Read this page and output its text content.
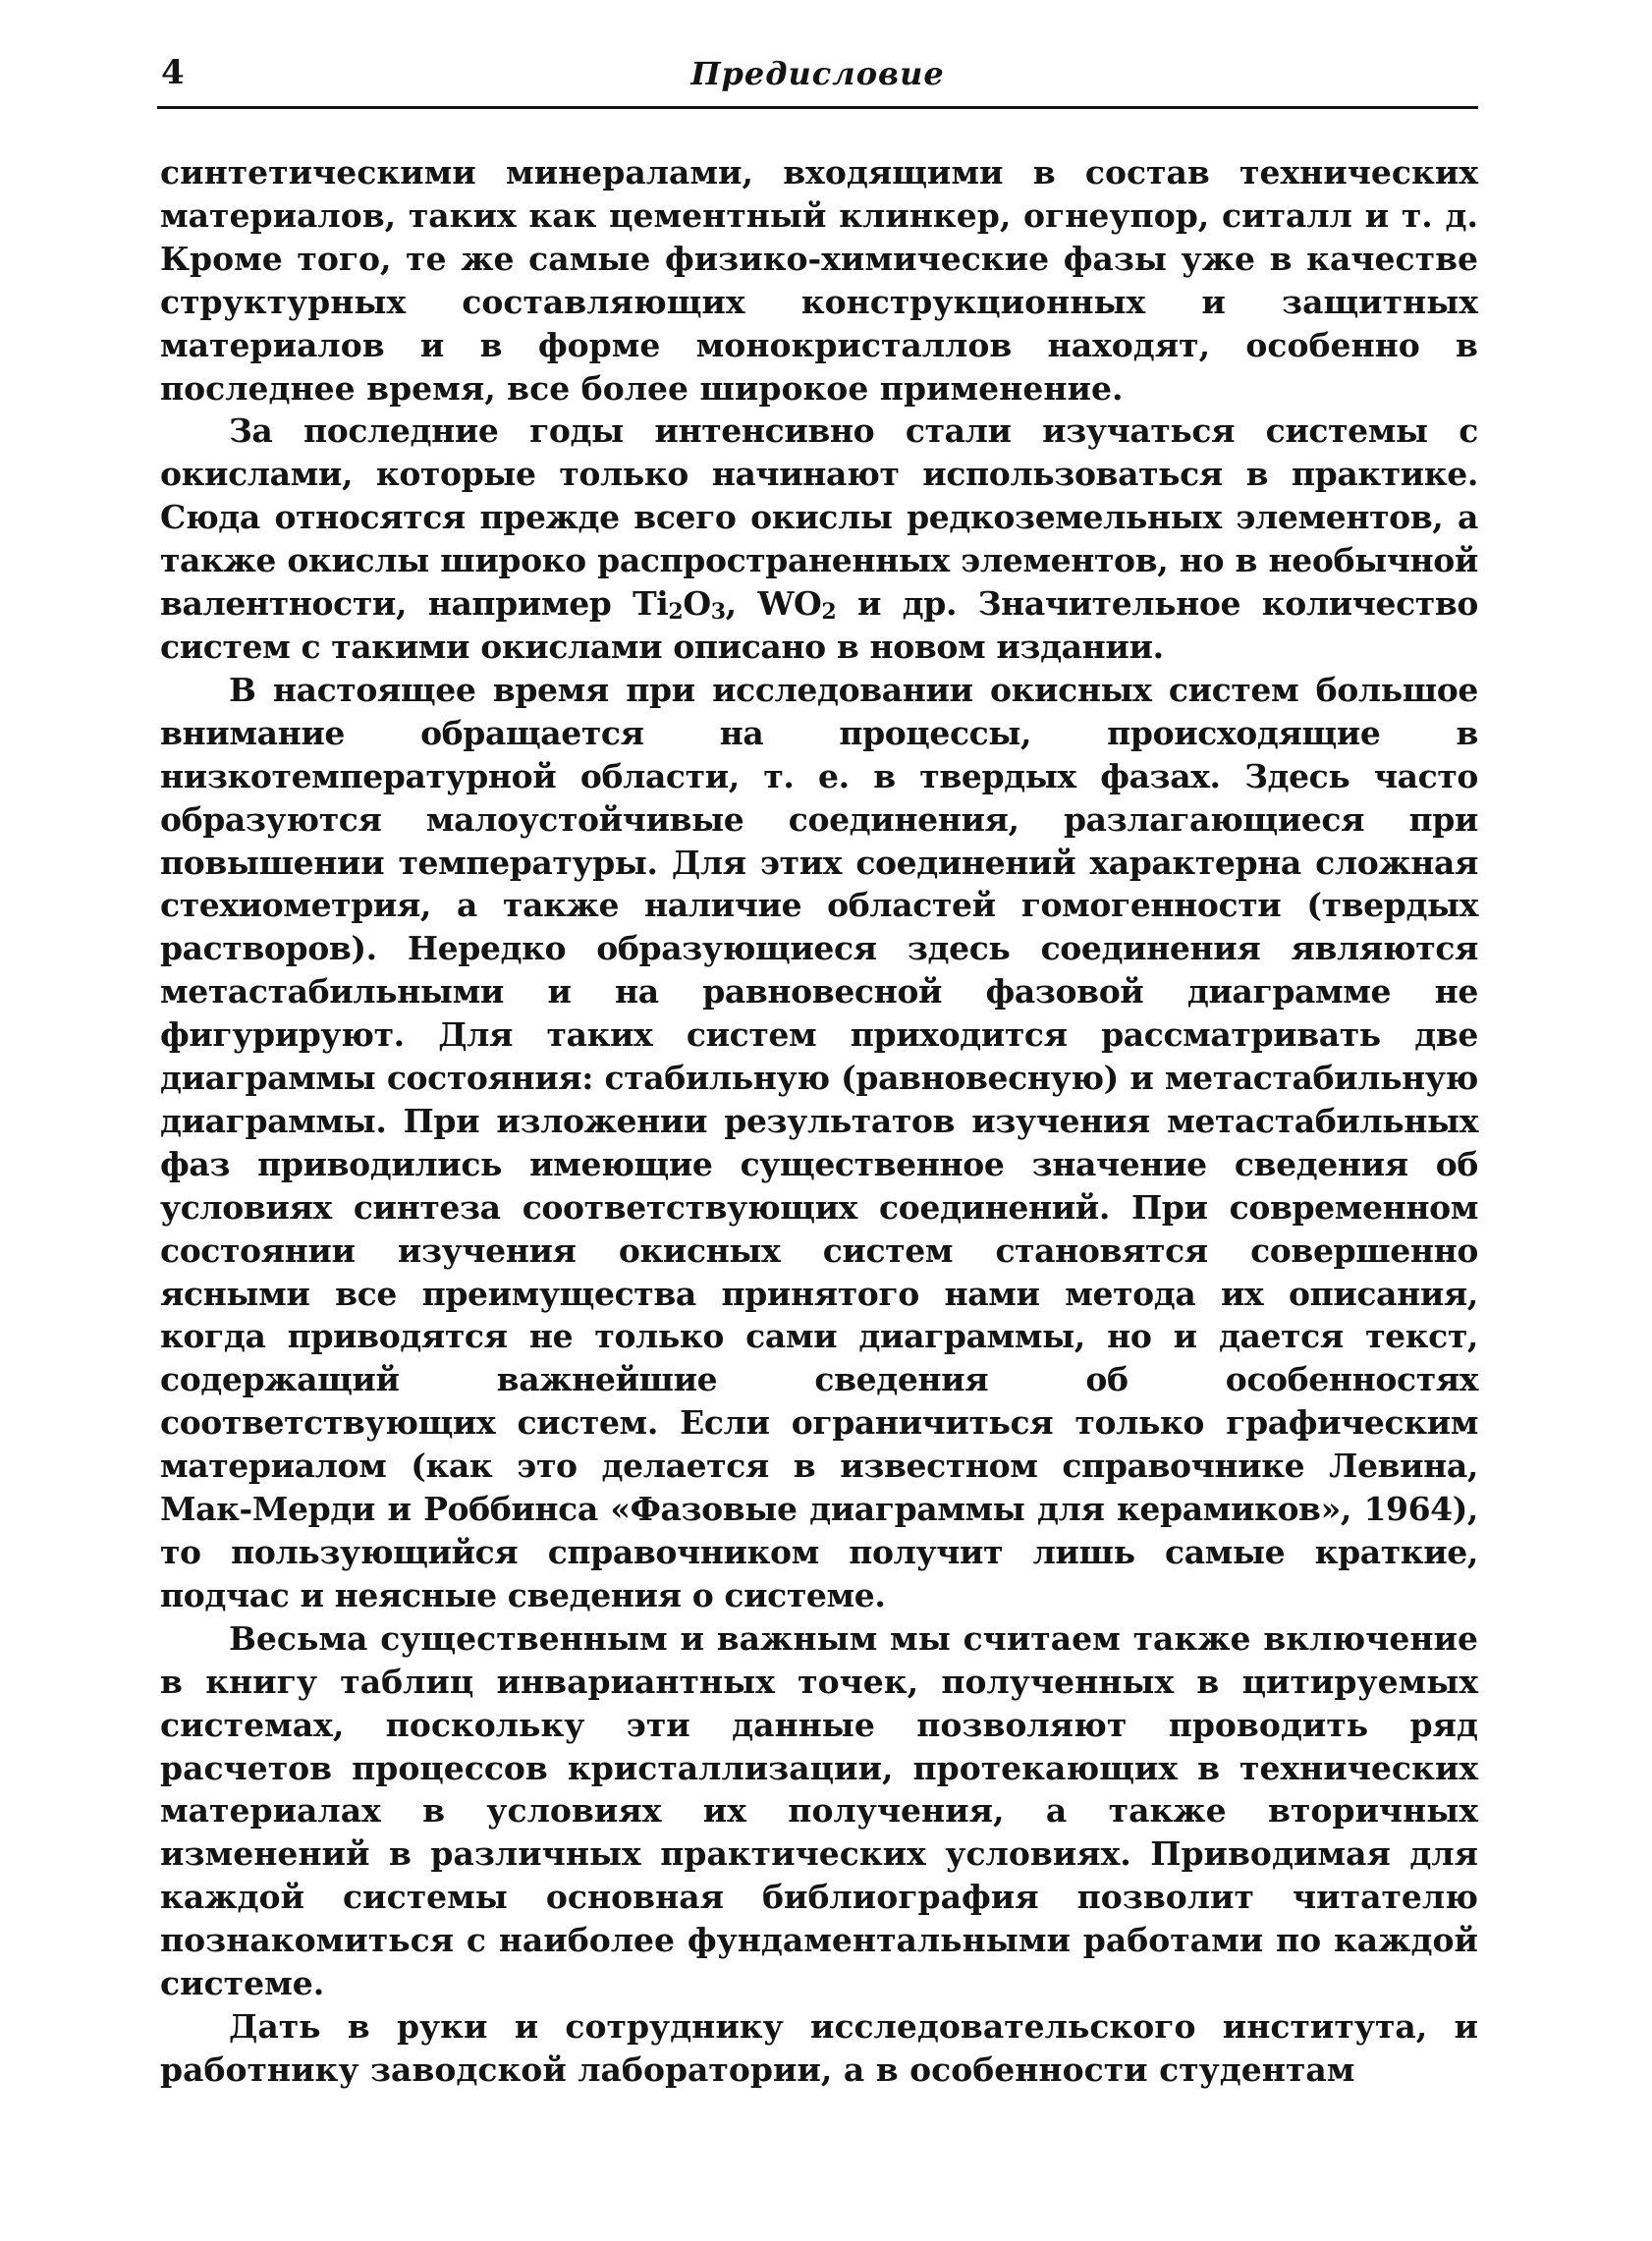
4	Предисловие

синтетическими минералами, входящими в состав технических материалов, таких как цементный клинкер, огнеупор, ситалл и т. д. Кроме того, те же самые физико-химические фазы уже в качестве структурных составляющих конструкционных и защитных материалов и в форме монокристаллов находят, особенно в последнее время, все более широкое применение.

За последние годы интенсивно стали изучаться системы с окислами, которые только начинают использоваться в практике. Сюда относятся прежде всего окислы редкоземельных элементов, а также окислы широко распространенных элементов, но в необычной валентности, например $Ti_2O_3$, $WO_2$ и др. Значительное количество систем с такими окислами описано в новом издании.

В настоящее время при исследовании окисных систем большое внимание обращается на процессы, происходящие в низкотемпературной области, т. е. в твердых фазах. Здесь часто образуются малоустойчивые соединения, разлагающиеся при повышении температуры. Для этих соединений характерна сложная стехиометрия, а также наличие областей гомогенности (твердых растворов). Нередко образующиеся здесь соединения являются метастабильными и на равновесной фазовой диаграмме не фигурируют. Для таких систем приходится рассматривать две диаграммы состояния: стабильную (равновесную) и метастабильную диаграммы. При изложении результатов изучения метастабильных фаз приводились имеющие существенное значение сведения об условиях синтеза соответствующих соединений. При современном состоянии изучения окисных систем становятся совершенно ясными все преимущества принятого нами метода их описания, когда приводятся не только сами диаграммы, но и дается текст, содержащий важнейшие сведения об особенностях соответствующих систем. Если ограничиться только графическим материалом (как это делается в известном справочнике Левина, Мак-Мерди и Роббинса «Фазовые диаграммы для керамиков», 1964), то пользующийся справочником получит лишь самые краткие, подчас и неясные сведения о системе.

Весьма существенным и важным мы считаем также включение в книгу таблиц инвариантных точек, полученных в цитируемых системах, поскольку эти данные позволяют проводить ряд расчетов процессов кристаллизации, протекающих в технических материалах в условиях их получения, а также вторичных изменений в различных практических условиях. Приводимая для каждой системы основная библиография позволит читателю познакомиться с наиболее фундаментальными работами по каждой системе.

Дать в руки и сотруднику исследовательского института, и работнику заводской лаборатории, а в особенности студентам
